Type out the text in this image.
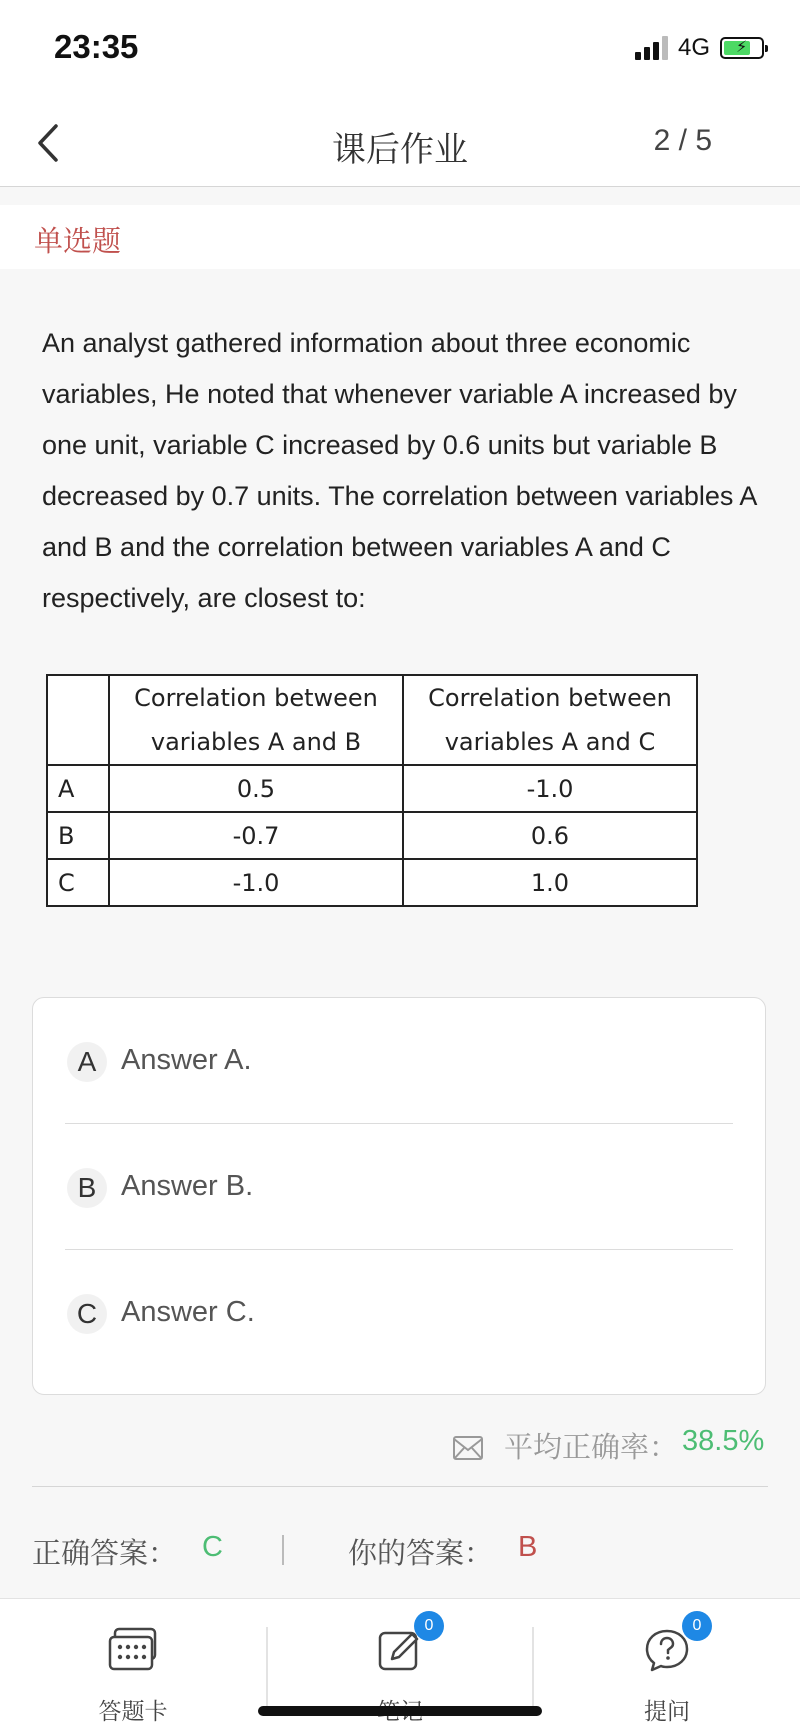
23:35	4G ⚡
课后作业	2 / 5
单选题
An analyst gathered information about three economic variables, He noted that whenever variable A increased by one unit, variable C increased by 0.6 units but variable B decreased by 0.7 units. The correlation between variables A and B and the correlation between variables A and C respectively, are closest to:
	Correlation between variables A and B	Correlation between variables A and C
A	0.5	-1.0
B	-0.7	0.6
C	-1.0	1.0
A Answer A.
B Answer B.
C Answer C.
平均正确率： 38.5%
正确答案： C	你的答案： B
答题卡
0	0
提问
